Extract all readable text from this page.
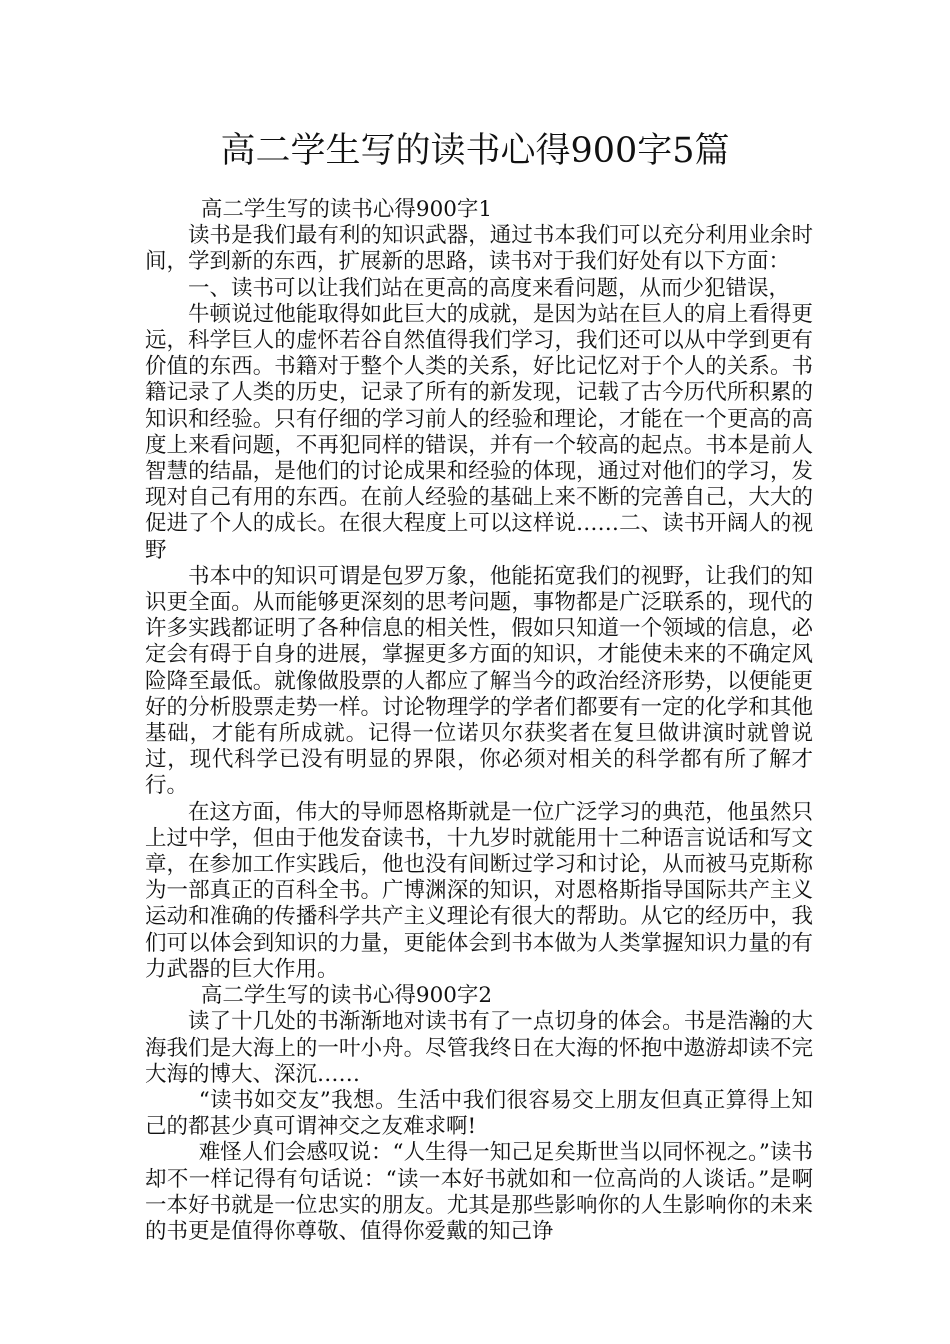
高二学生写的读书心得900字5篇

高二学生写的读书心得900字1

读书是我们最有利的知识武器，通过书本我们可以充分利用业余时间，学到新的东西，扩展新的思路，读书对于我们好处有以下方面：

一、读书可以让我们站在更高的高度来看问题，从而少犯错误，

牛顿说过他能取得如此巨大的成就，是因为站在巨人的肩上看得更远，科学巨人的虚怀若谷自然值得我们学习，我们还可以从中学到更有价值的东西。书籍对于整个人类的关系，好比记忆对于个人的关系。书籍记录了人类的历史，记录了所有的新发现，记载了古今历代所积累的知识和经验。只有仔细的学习前人的经验和理论，才能在一个更高的高度上来看问题，不再犯同样的错误，并有一个较高的起点。书本是前人智慧的结晶，是他们的讨论成果和经验的体现，通过对他们的学习，发现对自己有用的东西。在前人经验的基础上来不断的完善自己，大大的促进了个人的成长。在很大程度上可以这样说……二、读书开阔人的视野

书本中的知识可谓是包罗万象，他能拓宽我们的视野，让我们的知识更全面。从而能够更深刻的思考问题，事物都是广泛联系的，现代的许多实践都证明了各种信息的相关性，假如只知道一个领域的信息，必定会有碍于自身的进展，掌握更多方面的知识，才能使未来的不确定风险降至最低。就像做股票的人都应了解当今的政治经济形势，以便能更好的分析股票走势一样。讨论物理学的学者们都要有一定的化学和其他基础，才能有所成就。记得一位诺贝尔获奖者在复旦做讲演时就曾说过，现代科学已没有明显的界限，你必须对相关的科学都有所了解才行。

在这方面，伟大的导师恩格斯就是一位广泛学习的典范，他虽然只上过中学，但由于他发奋读书，十九岁时就能用十二种语言说话和写文章，在参加工作实践后，他也没有间断过学习和讨论，从而被马克斯称为一部真正的百科全书。广博渊深的知识，对恩格斯指导国际共产主义运动和准确的传播科学共产主义理论有很大的帮助。从它的经历中，我们可以体会到知识的力量，更能体会到书本做为人类掌握知识力量的有力武器的巨大作用。

高二学生写的读书心得900字2

读了十几处的书渐渐地对读书有了一点切身的体会。书是浩瀚的大海我们是大海上的一叶小舟。尽管我终日在大海的怀抱中遨游却读不完大海的博大、深沉……

“读书如交友”我想。生活中我们很容易交上朋友但真正算得上知己的都甚少真可谓神交之友难求啊!

难怪人们会感叹说：“人生得一知己足矣斯世当以同怀视之。”读书却不一样记得有句话说：“读一本好书就如和一位高尚的人谈话。”是啊一本好书就是一位忠实的朋友。尤其是那些影响你的人生影响你的未来的书更是值得你尊敬、值得你爱戴的知己诤
